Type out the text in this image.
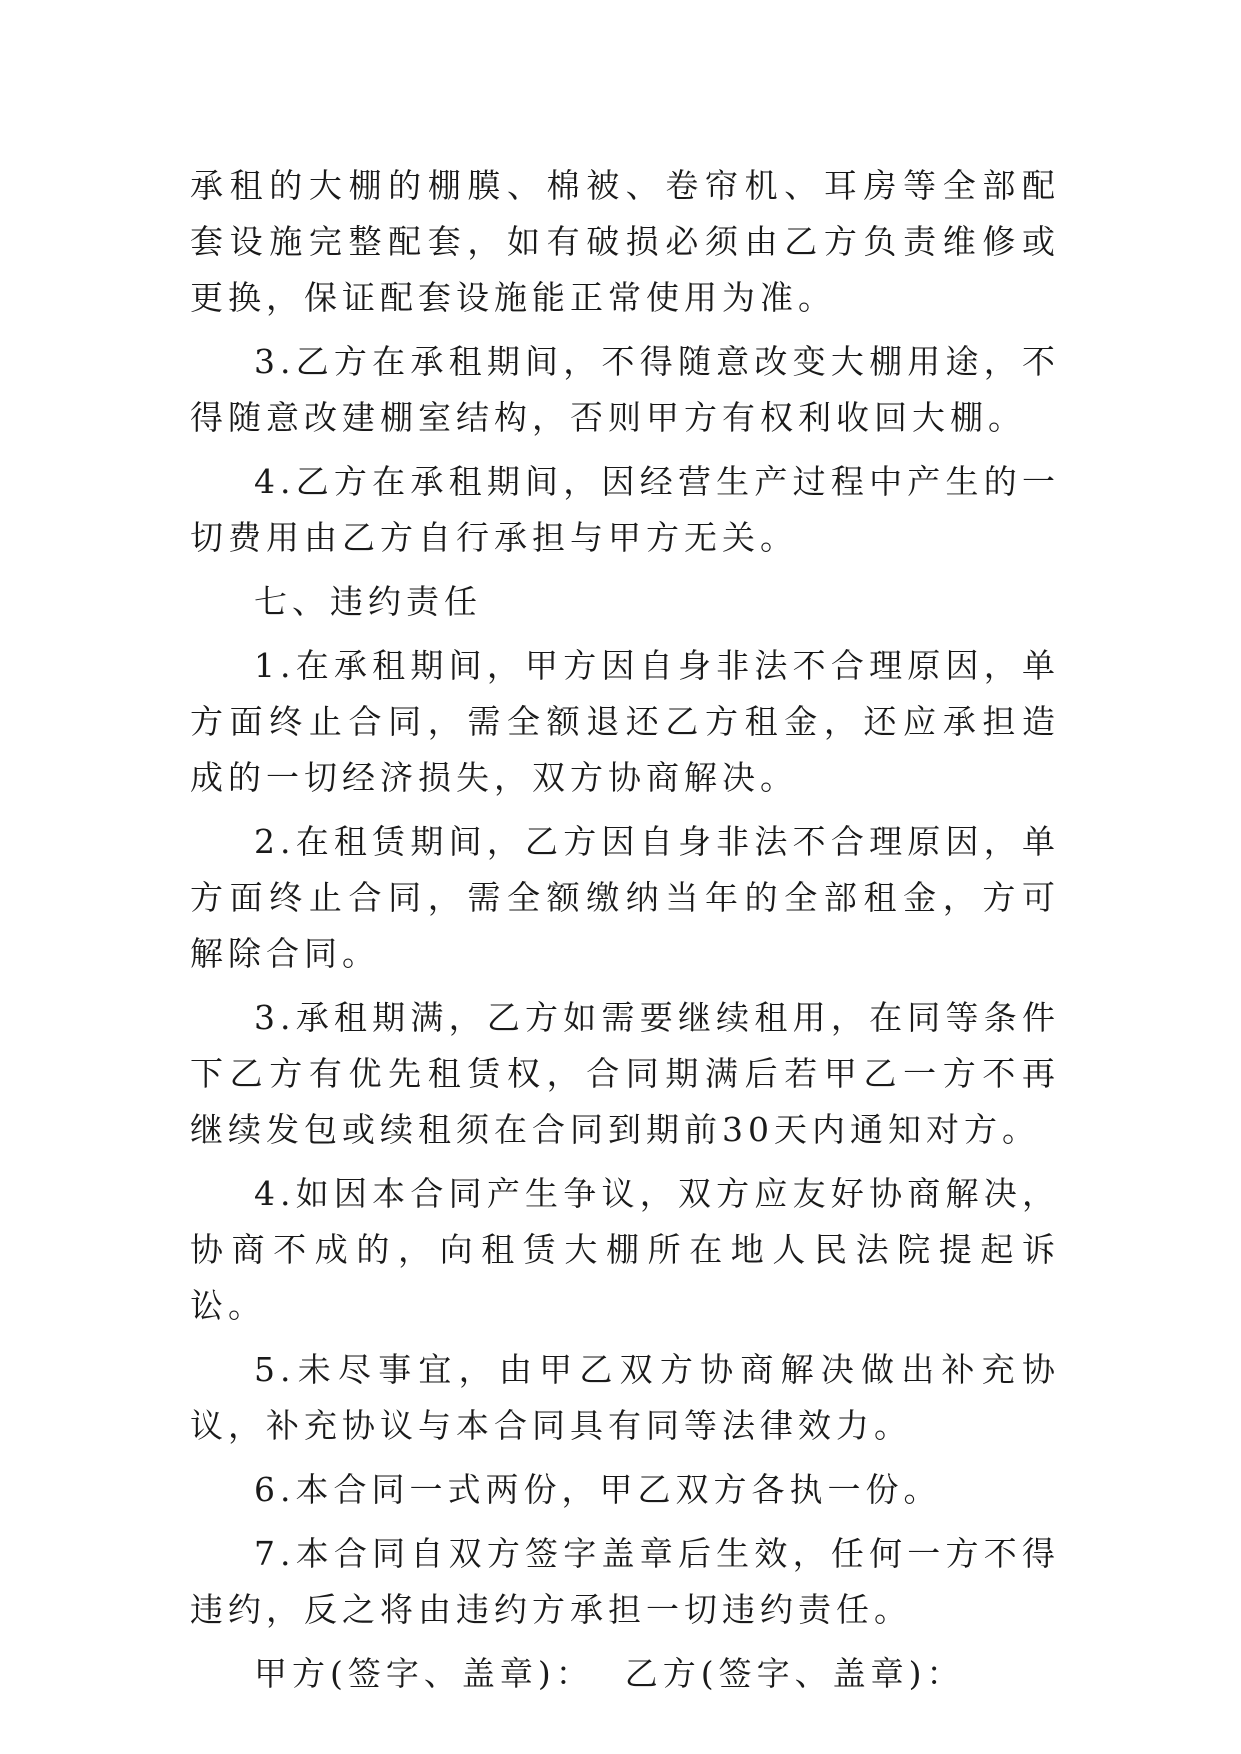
承租的大棚的棚膜、棉被、卷帘机、耳房等全部配套设施完整配套，如有破损必须由乙方负责维修或更换，保证配套设施能正常使用为准。

3.乙方在承租期间，不得随意改变大棚用途，不得随意改建棚室结构，否则甲方有权利收回大棚。

4.乙方在承租期间，因经营生产过程中产生的一切费用由乙方自行承担与甲方无关。

七、违约责任

1.在承租期间，甲方因自身非法不合理原因，单方面终止合同，需全额退还乙方租金，还应承担造成的一切经济损失，双方协商解决。

2.在租赁期间，乙方因自身非法不合理原因，单方面终止合同，需全额缴纳当年的全部租金，方可解除合同。

3.承租期满，乙方如需要继续租用，在同等条件下乙方有优先租赁权，合同期满后若甲乙一方不再继续发包或续租须在合同到期前30天内通知对方。

4.如因本合同产生争议，双方应友好协商解决，协商不成的，向租赁大棚所在地人民法院提起诉讼。

5.未尽事宜，由甲乙双方协商解决做出补充协议，补充协议与本合同具有同等法律效力。

6.本合同一式两份，甲乙双方各执一份。

7.本合同自双方签字盖章后生效，任何一方不得违约，反之将由违约方承担一切违约责任。

甲方(签字、盖章)： 乙方(签字、盖章)：
